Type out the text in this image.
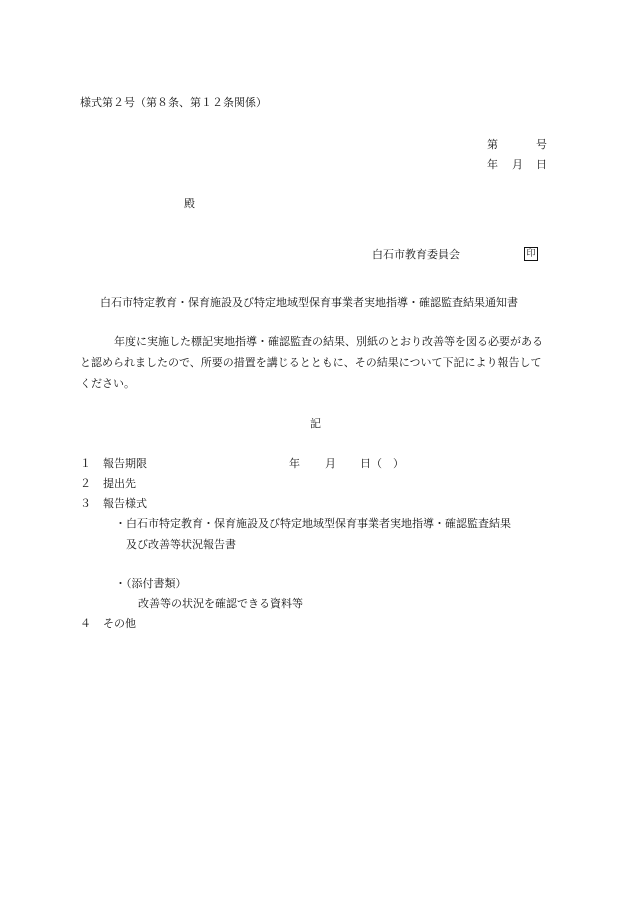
様式第２号（第８条、第１２条関係）
第	号
年 月 日
殿
白石市教育委員会	印
白石市特定教育・保育施設及び特定地域型保育事業者実地指導・確認監査結果通知書
年度に実施した標記実地指導・確認監査の結果、別紙のとおり改善等を図る必要があると認められましたので、所要の措置を講じるとともに、その結果について下記により報告してください。
記
１ 報告期限	年 月 日（　）
２ 提出先
３ 報告様式
・白石市特定教育・保育施設及び特定地域型保育事業者実地指導・確認監査結果
及び改善等状況報告書
・（添付書類）
改善等の状況を確認できる資料等
４ その他
